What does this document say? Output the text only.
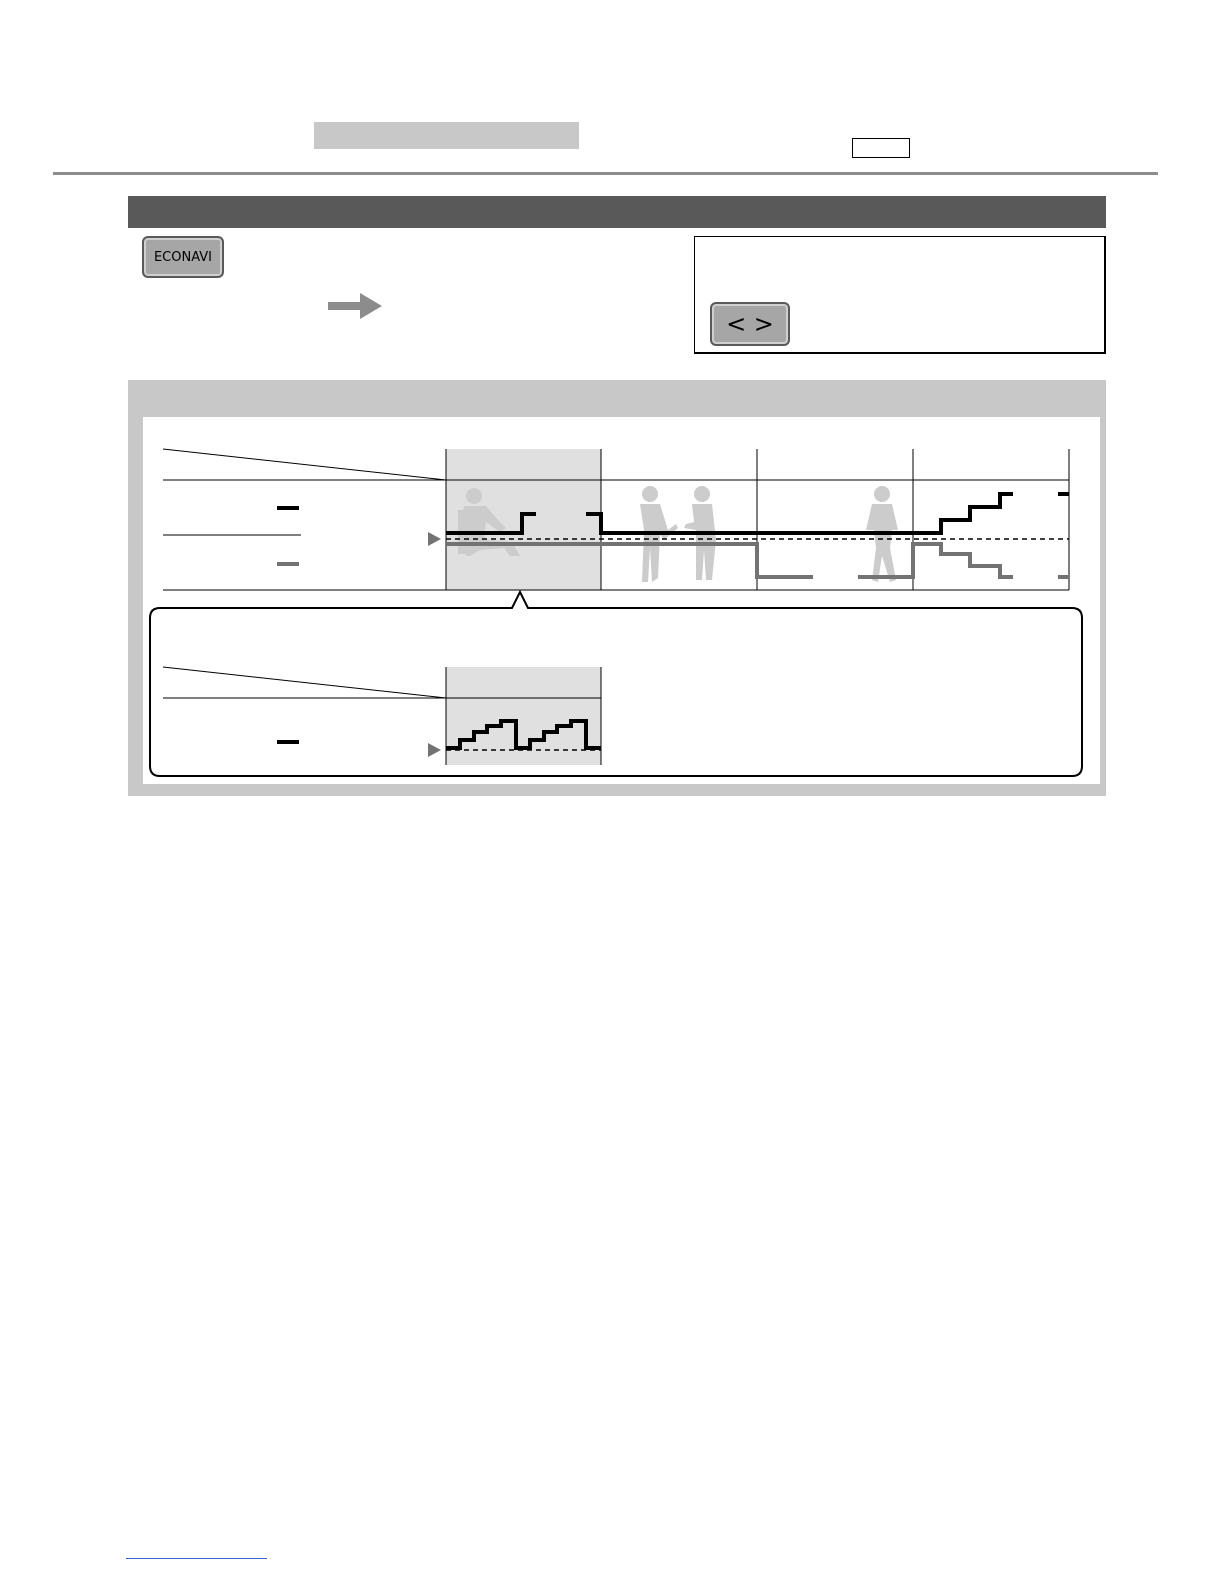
ECONAVI
< >
